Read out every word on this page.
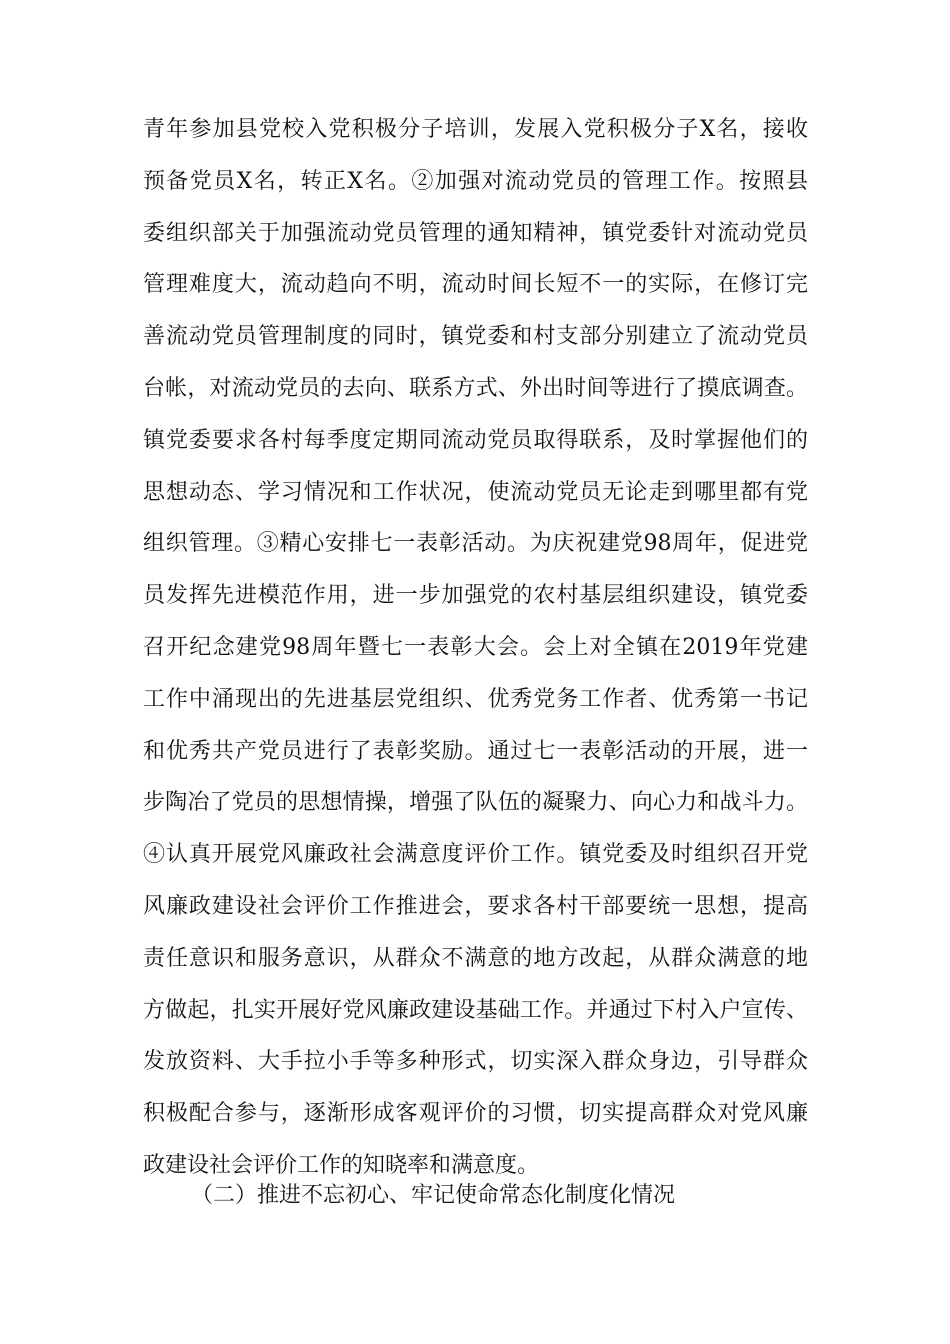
青年参加县党校入党积极分子培训，发展入党积极分子X名，接收
预备党员X名，转正X名。②加强对流动党员的管理工作。按照县
委组织部关于加强流动党员管理的通知精神，镇党委针对流动党员
管理难度大，流动趋向不明，流动时间长短不一的实际，在修订完
善流动党员管理制度的同时，镇党委和村支部分别建立了流动党员
台帐，对流动党员的去向、联系方式、外出时间等进行了摸底调查。
镇党委要求各村每季度定期同流动党员取得联系，及时掌握他们的
思想动态、学习情况和工作状况，使流动党员无论走到哪里都有党
组织管理。③精心安排七一表彰活动。为庆祝建党98周年，促进党
员发挥先进模范作用，进一步加强党的农村基层组织建设，镇党委
召开纪念建党98周年暨七一表彰大会。会上对全镇在2019年党建
工作中涌现出的先进基层党组织、优秀党务工作者、优秀第一书记
和优秀共产党员进行了表彰奖励。通过七一表彰活动的开展，进一
步陶冶了党员的思想情操，增强了队伍的凝聚力、向心力和战斗力。
④认真开展党风廉政社会满意度评价工作。镇党委及时组织召开党
风廉政建设社会评价工作推进会，要求各村干部要统一思想，提高
责任意识和服务意识，从群众不满意的地方改起，从群众满意的地
方做起，扎实开展好党风廉政建设基础工作。并通过下村入户宣传、
发放资料、大手拉小手等多种形式，切实深入群众身边，引导群众
积极配合参与，逐渐形成客观评价的习惯，切实提高群众对党风廉
政建设社会评价工作的知晓率和满意度。
（二）推进不忘初心、牢记使命常态化制度化情况
